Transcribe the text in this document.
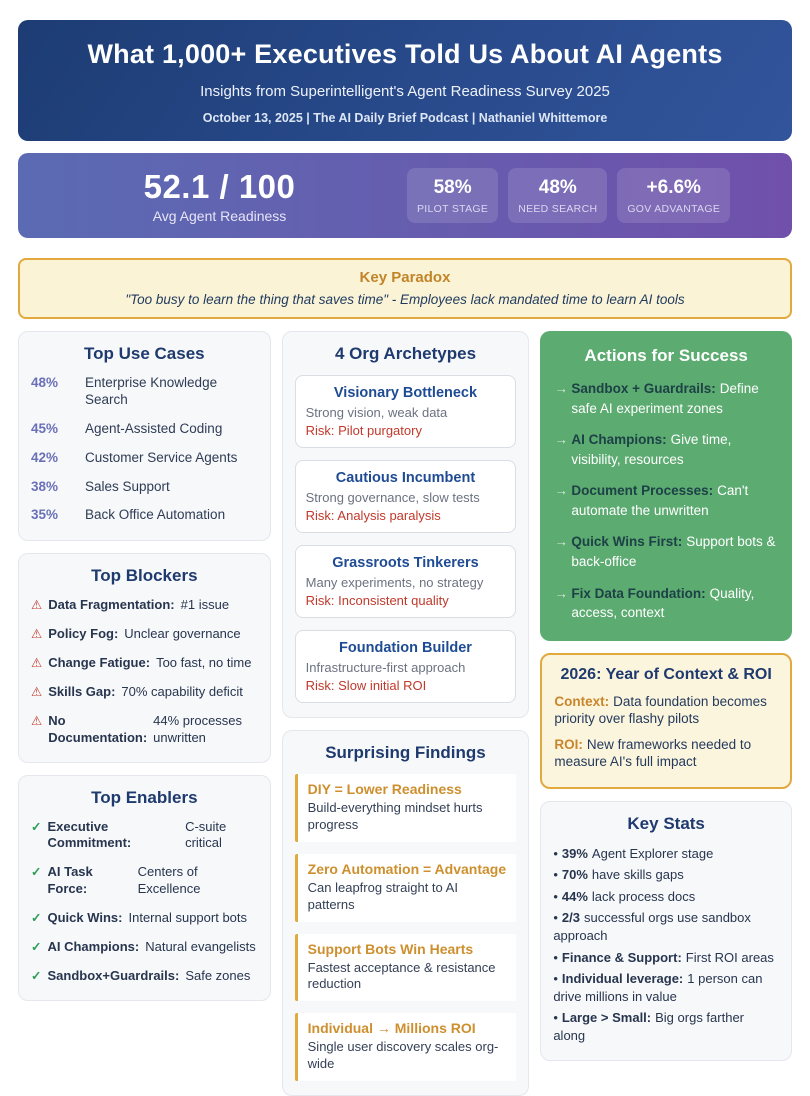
What 1,000+ Executives Told Us About AI Agents
Insights from Superintelligent's Agent Readiness Survey 2025
October 13, 2025 | The AI Daily Brief Podcast | Nathaniel Whittemore
52.1 / 100
Avg Agent Readiness
58%
PILOT STAGE
48%
NEED SEARCH
+6.6%
GOV ADVANTAGE
Key Paradox
"Too busy to learn the thing that saves time" - Employees lack mandated time to learn AI tools
Top Use Cases
48%	Enterprise Knowledge Search
45%	Agent-Assisted Coding
42%	Customer Service Agents
38%	Sales Support
35%	Back Office Automation
Top Blockers
⚠ Data Fragmentation: #1 issue
⚠ Policy Fog: Unclear governance
⚠ Change Fatigue: Too fast, no time
⚠ Skills Gap: 70% capability deficit
⚠ No Documentation:
44% processes unwritten
Top Enablers
✓ Executive Commitment:
C-suite critical
✓ AI Task Force:
Centers of Excellence
✓ Quick Wins: Internal support bots
✓ AI Champions: Natural evangelists
✓ Sandbox+Guardrails: Safe zones
4 Org Archetypes
Visionary Bottleneck
Strong vision, weak data
Risk: Pilot purgatory
Cautious Incumbent
Strong governance, slow tests
Risk: Analysis paralysis
Grassroots Tinkerers
Many experiments, no strategy
Risk: Inconsistent quality
Foundation Builder
Infrastructure-first approach
Risk: Slow initial ROI
Surprising Findings
DIY = Lower Readiness
Build-everything mindset hurts progress
Zero Automation = Advantage
Can leapfrog straight to AI patterns
Support Bots Win Hearts
Fastest acceptance & resistance reduction
Individual → Millions ROI
Single user discovery scales org-wide
Actions for Success
→ Sandbox + Guardrails: Define safe AI experiment zones
→ AI Champions: Give time, visibility, resources
→ Document Processes: Can't automate the unwritten
→ Quick Wins First: Support bots & back-office
→ Fix Data Foundation: Quality, access, context
2026: Year of Context & ROI
Context: Data foundation becomes priority over flashy pilots
ROI: New frameworks needed to measure AI's full impact
Key Stats
• 39% Agent Explorer stage
• 70% have skills gaps
• 44% lack process docs
• 2/3 successful orgs use sandbox approach
• Finance & Support: First ROI areas
• Individual leverage: 1 person can drive millions in value
• Large > Small: Big orgs farther along
